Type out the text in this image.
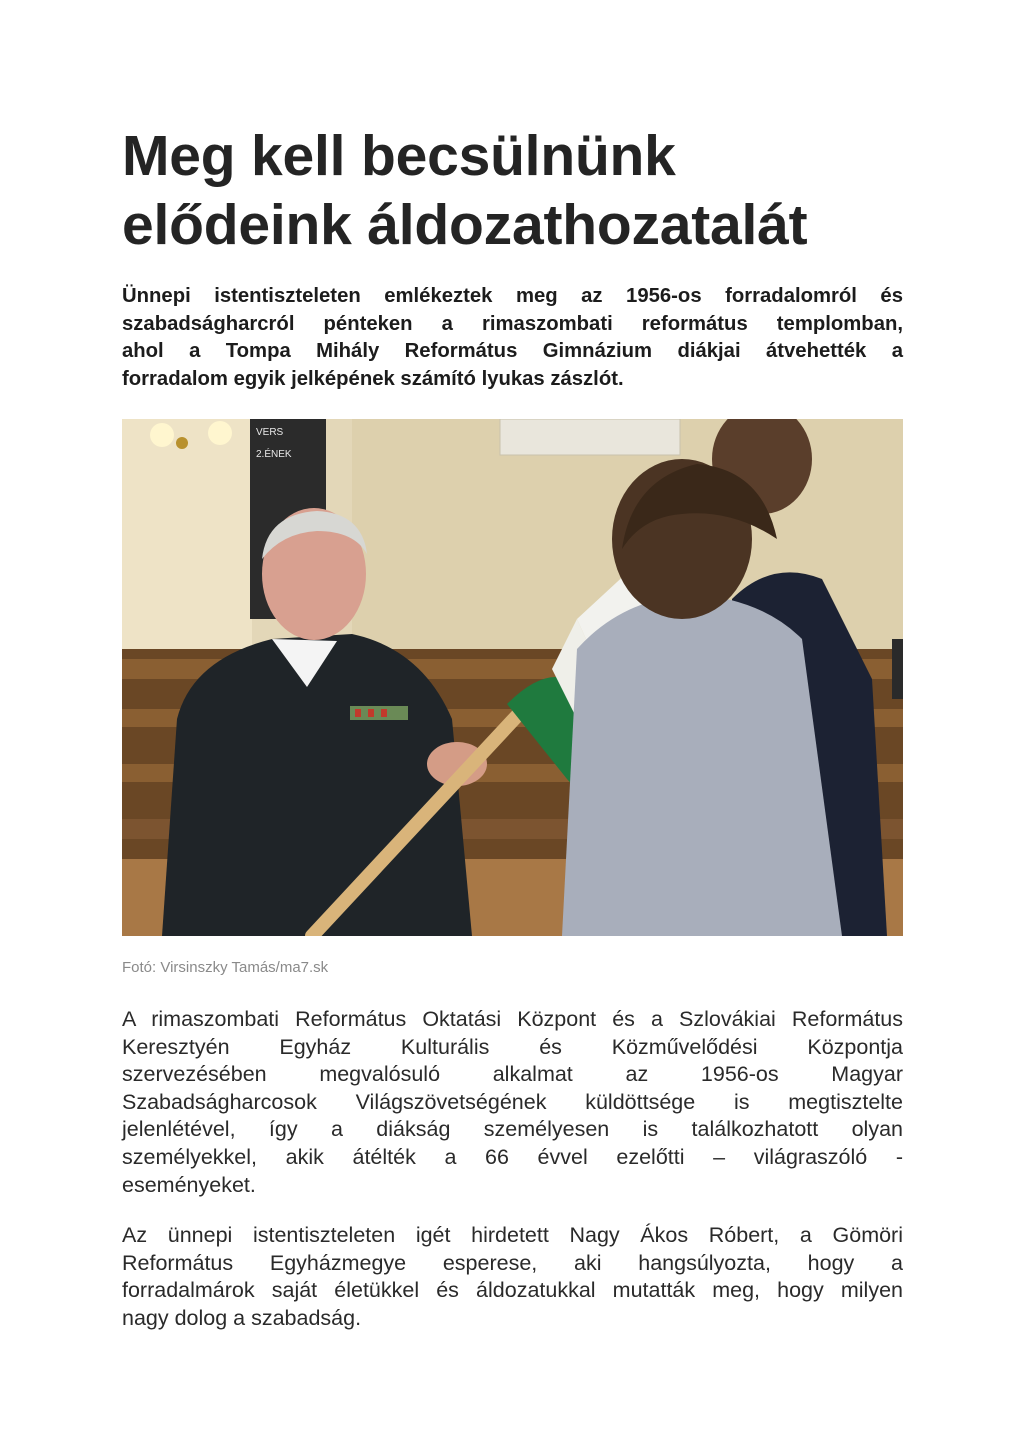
Meg kell becsülnünk
elődeink áldozathozatalát

Ünnepi istentiszteleten emlékeztek meg az 1956-os forradalomról és
szabadságharcról pénteken a rimaszombati református templomban,
ahol a Tompa Mihály Református Gimnázium diákjai átvehették a
forradalom egyik jelképének számító lyukas zászlót.

VERS
2.ÉNEK
Fotó: Virsinszky Tamás/ma7.sk

A rimaszombati Református Oktatási Központ és a Szlovákiai Református
Keresztyén Egyház Kulturális és Közművelődési Központja
szervezésében megvalósuló alkalmat az 1956-os Magyar
Szabadságharcosok Világszövetségének küldöttsége is megtisztelte
jelenlétével, így a diákság személyesen is találkozhatott olyan
személyekkel, akik átélték a 66 évvel ezelőtti – világraszóló -
eseményeket.

Az ünnepi istentiszteleten igét hirdetett Nagy Ákos Róbert, a Gömöri
Református Egyházmegye esperese, aki hangsúlyozta, hogy a
forradalmárok saját életükkel és áldozatukkal mutatták meg, hogy milyen
nagy dolog a szabadság.
